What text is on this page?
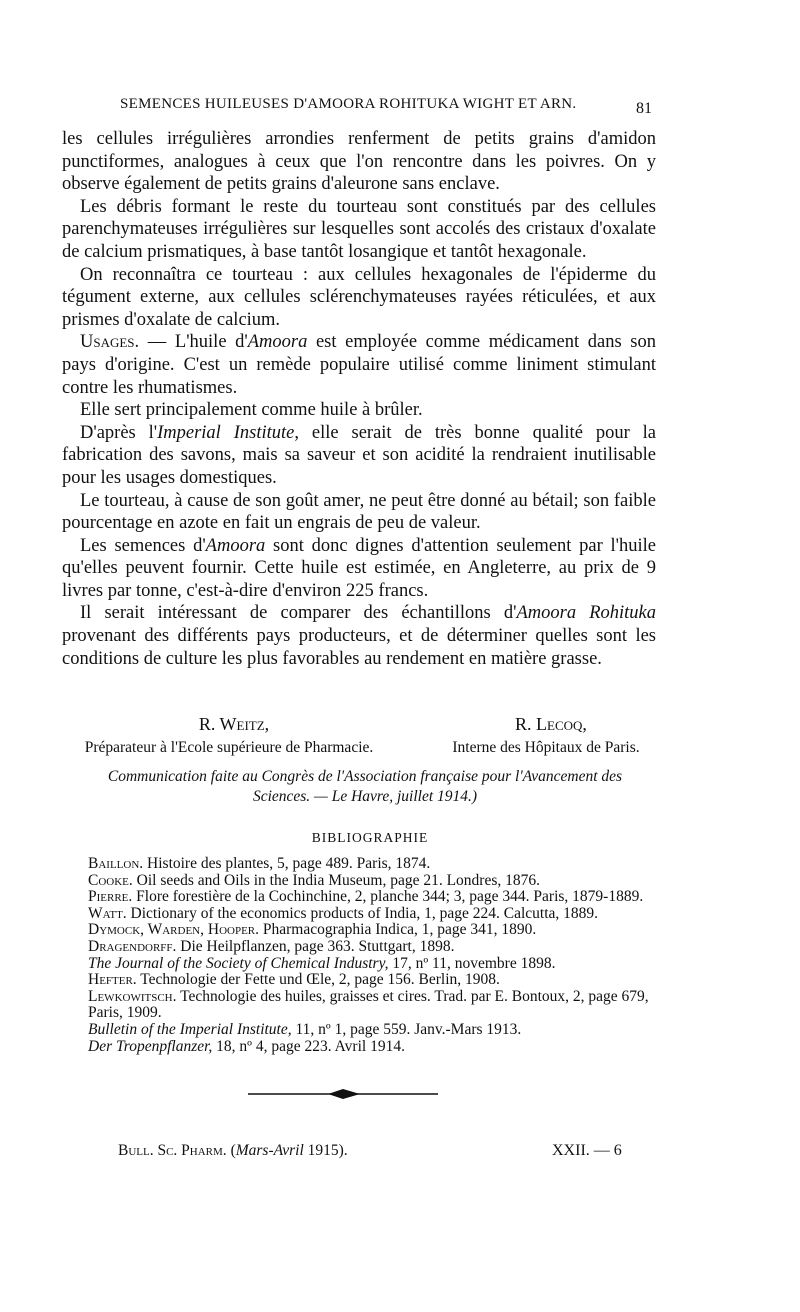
SEMENCES HUILEUSES D'AMOORA ROHITUKA WIGHT ET ARN.	81

les cellules irrégulières arrondies renferment de petits grains d'amidon punctiformes, analogues à ceux que l'on rencontre dans les poivres. On y observe également de petits grains d'aleurone sans enclave.

Les débris formant le reste du tourteau sont constitués par des cellules parenchymateuses irrégulières sur lesquelles sont accolés des cristaux d'oxalate de calcium prismatiques, à base tantôt losangique et tantôt hexagonale.

On reconnaîtra ce tourteau : aux cellules hexagonales de l'épiderme du tégument externe, aux cellules sclérenchymateuses rayées réticulées, et aux prismes d'oxalate de calcium.

Usages. — L'huile d'Amoora est employée comme médicament dans son pays d'origine. C'est un remède populaire utilisé comme liniment stimulant contre les rhumatismes.

Elle sert principalement comme huile à brûler.

D'après l'Imperial Institute, elle serait de très bonne qualité pour la fabrication des savons, mais sa saveur et son acidité la rendraient inutilisable pour les usages domestiques.

Le tourteau, à cause de son goût amer, ne peut être donné au bétail; son faible pourcentage en azote en fait un engrais de peu de valeur.

Les semences d'Amoora sont donc dignes d'attention seulement par l'huile qu'elles peuvent fournir. Cette huile est estimée, en Angleterre, au prix de 9 livres par tonne, c'est-à-dire d'environ 225 francs.

Il serait intéressant de comparer des échantillons d'Amoora Rohituka provenant des différents pays producteurs, et de déterminer quelles sont les conditions de culture les plus favorables au rendement en matière grasse.

R. Weitz,
Préparateur à l'Ecole supérieure de Pharmacie.
R. Lecoq,
Interne des Hôpitaux de Paris.
Communication faite au Congrès de l'Association française pour l'Avancement des Sciences. — Le Havre, juillet 1914.)
BIBLIOGRAPHIE

Baillon. Histoire des plantes, 5, page 489. Paris, 1874.

Cooke. Oil seeds and Oils in the India Museum, page 21. Londres, 1876.

Pierre. Flore forestière de la Cochinchine, 2, planche 344; 3, page 344. Paris, 1879-1889.

Watt. Dictionary of the economics products of India, 1, page 224. Calcutta, 1889.

Dymock, Warden, Hooper. Pharmacographia Indica, 1, page 341, 1890.

Dragendorff. Die Heilpflanzen, page 363. Stuttgart, 1898.

The Journal of the Society of Chemical Industry, 17, nº 11, novembre 1898.

Hefter. Technologie der Fette und Œle, 2, page 156. Berlin, 1908.

Lewkowitsch. Technologie des huiles, graisses et cires. Trad. par E. Bontoux, 2, page 679, Paris, 1909.

Bulletin of the Imperial Institute, 11, nº 1, page 559. Janv.-Mars 1913.

Der Tropenpflanzer, 18, nº 4, page 223. Avril 1914.

Bull. Sc. Pharm. (Mars-Avril 1915).	XXII. — 6
